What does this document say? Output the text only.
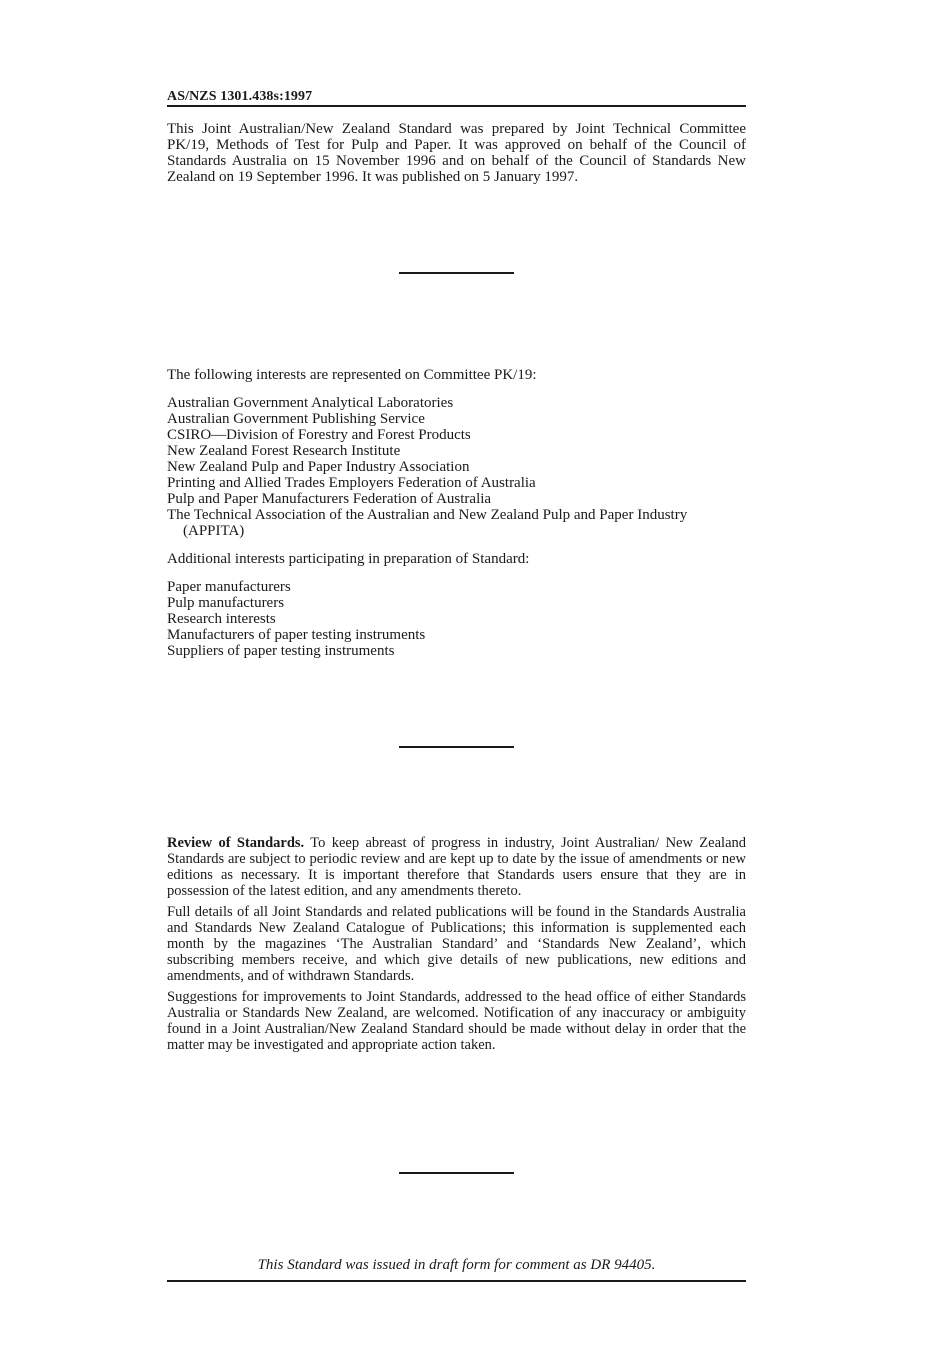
AS/NZS 1301.438s:1997

This Joint Australian/New Zealand Standard was prepared by Joint Technical Committee PK/19, Methods of Test for Pulp and Paper. It was approved on behalf of the Council of Standards Australia on 15 November 1996 and on behalf of the Council of Standards New Zealand on 19 September 1996. It was published on 5 January 1997.

The following interests are represented on Committee PK/19:

Australian Government Analytical Laboratories
Australian Government Publishing Service
CSIRO—Division of Forestry and Forest Products
New Zealand Forest Research Institute
New Zealand Pulp and Paper Industry Association
Printing and Allied Trades Employers Federation of Australia
Pulp and Paper Manufacturers Federation of Australia
The Technical Association of the Australian and New Zealand Pulp and Paper Industry (APPITA)

Additional interests participating in preparation of Standard:

Paper manufacturers
Pulp manufacturers
Research interests
Manufacturers of paper testing instruments
Suppliers of paper testing instruments

Review of Standards. To keep abreast of progress in industry, Joint Australian/ New Zealand Standards are subject to periodic review and are kept up to date by the issue of amendments or new editions as necessary. It is important therefore that Standards users ensure that they are in possession of the latest edition, and any amendments thereto.

Full details of all Joint Standards and related publications will be found in the Standards Australia and Standards New Zealand Catalogue of Publications; this information is supplemented each month by the magazines ‘The Australian Standard’ and ‘Standards New Zealand’, which subscribing members receive, and which give details of new publications, new editions and amendments, and of withdrawn Standards.

Suggestions for improvements to Joint Standards, addressed to the head office of either Standards Australia or Standards New Zealand, are welcomed. Notification of any inaccuracy or ambiguity found in a Joint Australian/New Zealand Standard should be made without delay in order that the matter may be investigated and appropriate action taken.

This Standard was issued in draft form for comment as DR 94405.
